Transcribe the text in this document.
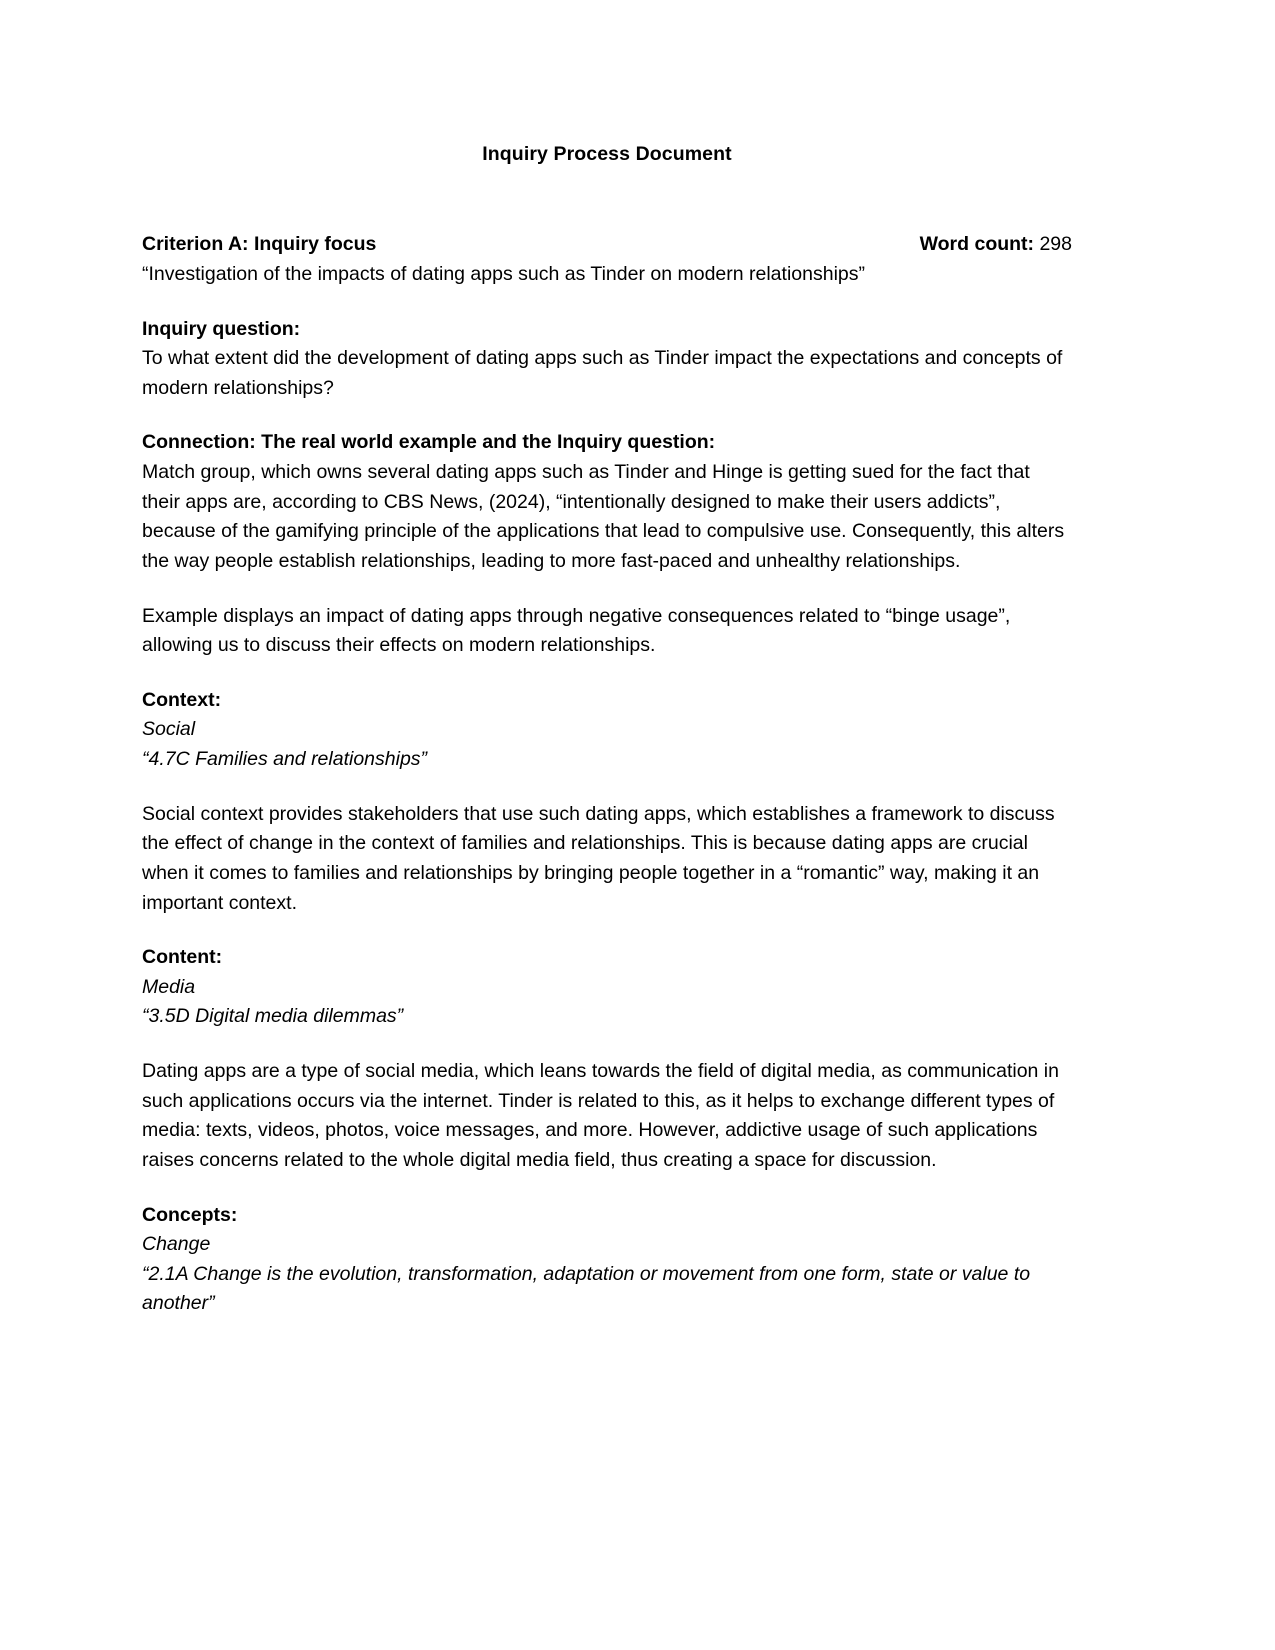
Inquiry Process Document
Criterion A: Inquiry focus	Word count: 298

“Investigation of the impacts of dating apps such as Tinder on modern relationships”

Inquiry question:

To what extent did the development of dating apps such as Tinder impact the expectations and concepts of modern relationships?

Connection: The real world example and the Inquiry question:

Match group, which owns several dating apps such as Tinder and Hinge is getting sued for the fact that their apps are, according to CBS News, (2024), “intentionally designed to make their users addicts”, because of the gamifying principle of the applications that lead to compulsive use. Consequently, this alters the way people establish relationships, leading to more fast-paced and unhealthy relationships.

Example displays an impact of dating apps through negative consequences related to “binge usage”, allowing us to discuss their effects on modern relationships.

Context:
Social
“4.7C Families and relationships”

Social context provides stakeholders that use such dating apps, which establishes a framework to discuss the effect of change in the context of families and relationships. This is because dating apps are crucial when it comes to families and relationships by bringing people together in a “romantic” way, making it an important context.

Content:
Media
“3.5D Digital media dilemmas”

Dating apps are a type of social media, which leans towards the field of digital media, as communication in such applications occurs via the internet. Tinder is related to this, as it helps to exchange different types of media: texts, videos, photos, voice messages, and more. However, addictive usage of such applications raises concerns related to the whole digital media field, thus creating a space for discussion.

Concepts:
Change
“2.1A Change is the evolution, transformation, adaptation or movement from one form, state or value to another”
